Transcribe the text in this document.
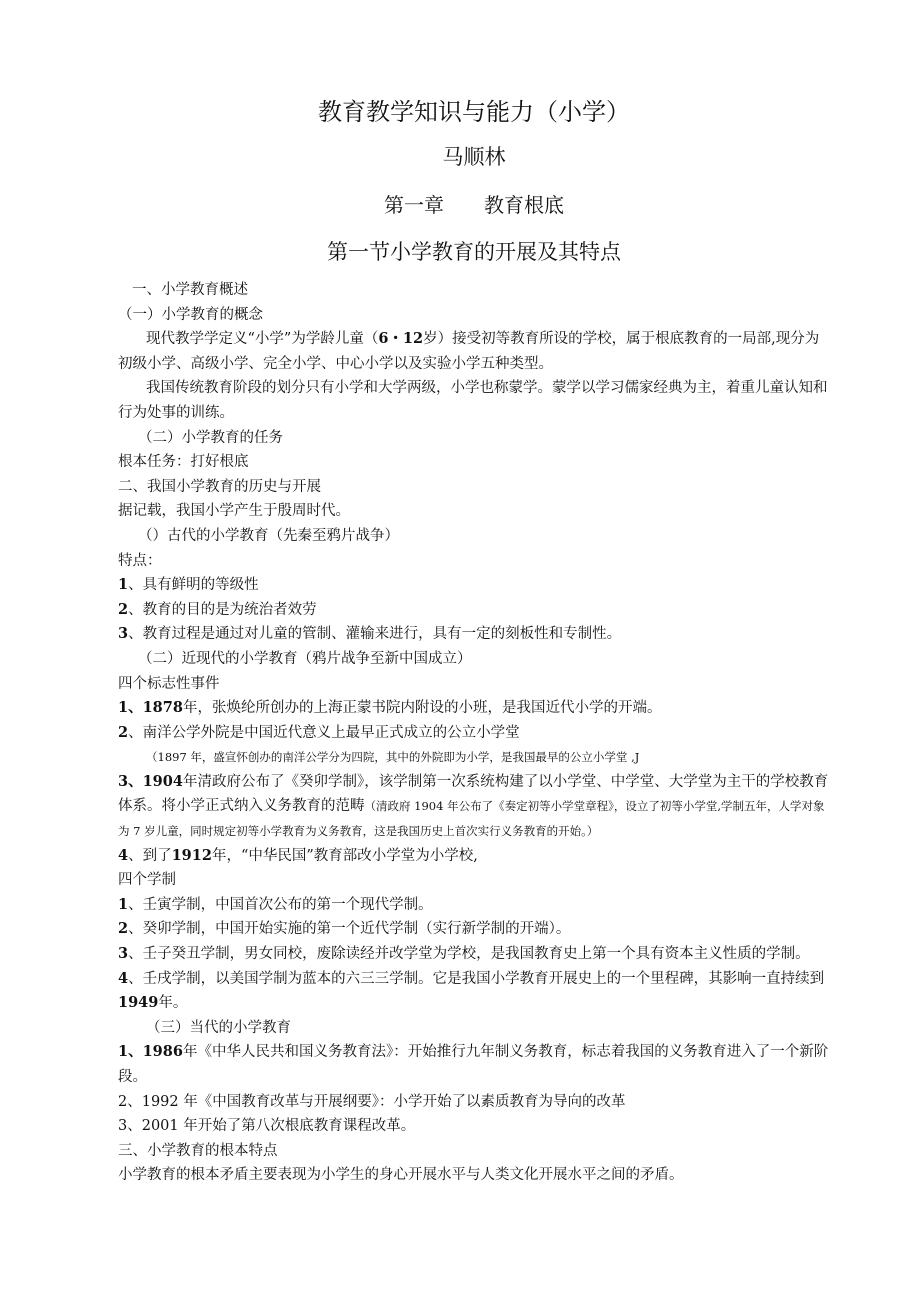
教育教学知识与能力（小学）
马顺林
第一章 教育根底
第一节小学教育的开展及其特点

一、小学教育概述

（一）小学教育的概念

现代教学学定义“小学”为学龄儿童（6・12岁）接受初等教育所设的学校，属于根底教育的一局部,现分为初级小学、高级小学、完全小学、中心小学以及实验小学五种类型。

我国传统教育阶段的划分只有小学和大学两级，小学也称蒙学。蒙学以学习儒家经典为主，着重儿童认知和行为处事的训练。

（二）小学教育的任务

根本任务：打好根底

二、我国小学教育的历史与开展

据记载，我国小学产生于殷周时代。

（）古代的小学教育（先秦至鸦片战争）

特点：

1、具有鲜明的等级性

2、教育的目的是为统治者效劳

3、教育过程是通过对儿童的管制、灌输来进行，具有一定的刻板性和专制性。

（二）近现代的小学教育（鸦片战争至新中国成立）

四个标志性事件

1、1878年，张焕纶所创办的上海正蒙书院内附设的小班，是我国近代小学的开端。

2、南洋公学外院是中国近代意义上最早正式成立的公立小学堂

（1897 年，盛宣怀创办的南洋公学分为四院，其中的外院即为小学，是我国最早的公立小学堂 ,J

3、1904年清政府公布了《癸卯学制》，该学制第一次系统构建了以小学堂、中学堂、大学堂为主干的学校教育体系。将小学正式纳入义务教育的范畴（清政府 1904 年公布了《奏定初等小学堂章程》，设立了初等小学堂,学制五年，人学对象为 7 岁儿童，同时规定初等小学教育为义务教育，这是我国历史上首次实行义务教育的开始。）

4、到了1912年，“中华民国”教育部改小学堂为小学校,

四个学制

1、壬寅学制，中国首次公布的第一个现代学制。

2、癸卯学制，中国开始实施的第一个近代学制（实行新学制的开端）。

3、壬子癸丑学制，男女同校，废除读经并改学堂为学校，是我国教育史上第一个具有资本主义性质的学制。

4、壬戌学制，以美国学制为蓝本的六三三学制。它是我国小学教育开展史上的一个里程碑，其影响一直持续到1949年。

（三）当代的小学教育

1、1986年《中华人民共和国义务教育法》：开始推行九年制义务教育，标志着我国的义务教育进入了一个新阶段。

2、1992 年《中国教育改革与开展纲要》：小学开始了以素质教育为导向的改革

3、2001 年开始了第八次根底教育课程改革。

三、小学教育的根本特点

小学教育的根本矛盾主要表现为小学生的身心开展水平与人类文化开展水平之间的矛盾。
